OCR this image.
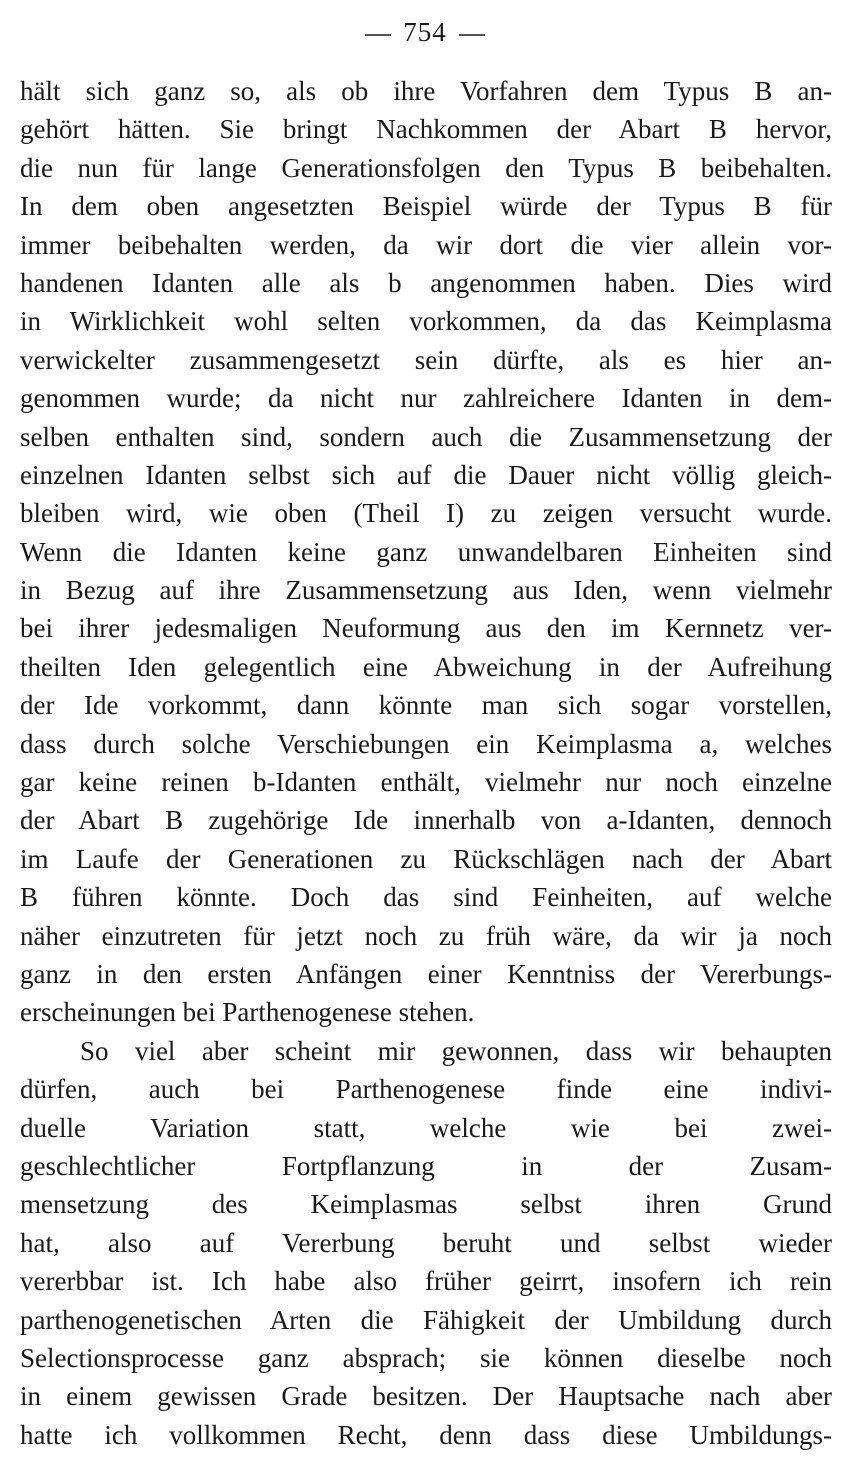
754
hält sich ganz so, als ob ihre Vorfahren dem Typus B an-
gehört hätten. Sie bringt Nachkommen der Abart B hervor,
die nun für lange Generationsfolgen den Typus B beibehalten.
In dem oben angesetzten Beispiel würde der Typus B für
immer beibehalten werden, da wir dort die vier allein vor-
handenen Idanten alle als b angenommen haben. Dies wird
in Wirklichkeit wohl selten vorkommen, da das Keimplasma
verwickelter zusammengesetzt sein dürfte, als es hier an-
genommen wurde; da nicht nur zahlreichere Idanten in dem-
selben enthalten sind, sondern auch die Zusammensetzung der
einzelnen Idanten selbst sich auf die Dauer nicht völlig gleich-
bleiben wird, wie oben (Theil I) zu zeigen versucht wurde.
Wenn die Idanten keine ganz unwandelbaren Einheiten sind
in Bezug auf ihre Zusammensetzung aus Iden, wenn vielmehr
bei ihrer jedesmaligen Neuformung aus den im Kernnetz ver-
theilten Iden gelegentlich eine Abweichung in der Aufreihung
der Ide vorkommt, dann könnte man sich sogar vorstellen,
dass durch solche Verschiebungen ein Keimplasma a, welches
gar keine reinen b-Idanten enthält, vielmehr nur noch einzelne
der Abart B zugehörige Ide innerhalb von a-Idanten, dennoch
im Laufe der Generationen zu Rückschlägen nach der Abart
B führen könnte. Doch das sind Feinheiten, auf welche
näher einzutreten für jetzt noch zu früh wäre, da wir ja noch
ganz in den ersten Anfängen einer Kenntniss der Vererbungs-
erscheinungen bei Parthenogenese stehen.
So viel aber scheint mir gewonnen, dass wir behaupten
dürfen, auch bei Parthenogenese finde eine indivi-
duelle Variation statt, welche wie bei zwei-
geschlechtlicher Fortpflanzung in der Zusam-
mensetzung des Keimplasmas selbst ihren Grund
hat, also auf Vererbung beruht und selbst wieder
vererbbar ist. Ich habe also früher geirrt, insofern ich rein
parthenogenetischen Arten die Fähigkeit der Umbildung durch
Selectionsprocesse ganz absprach; sie können dieselbe noch
in einem gewissen Grade besitzen. Der Hauptsache nach aber
hatte ich vollkommen Recht, denn dass diese Umbildungs-
